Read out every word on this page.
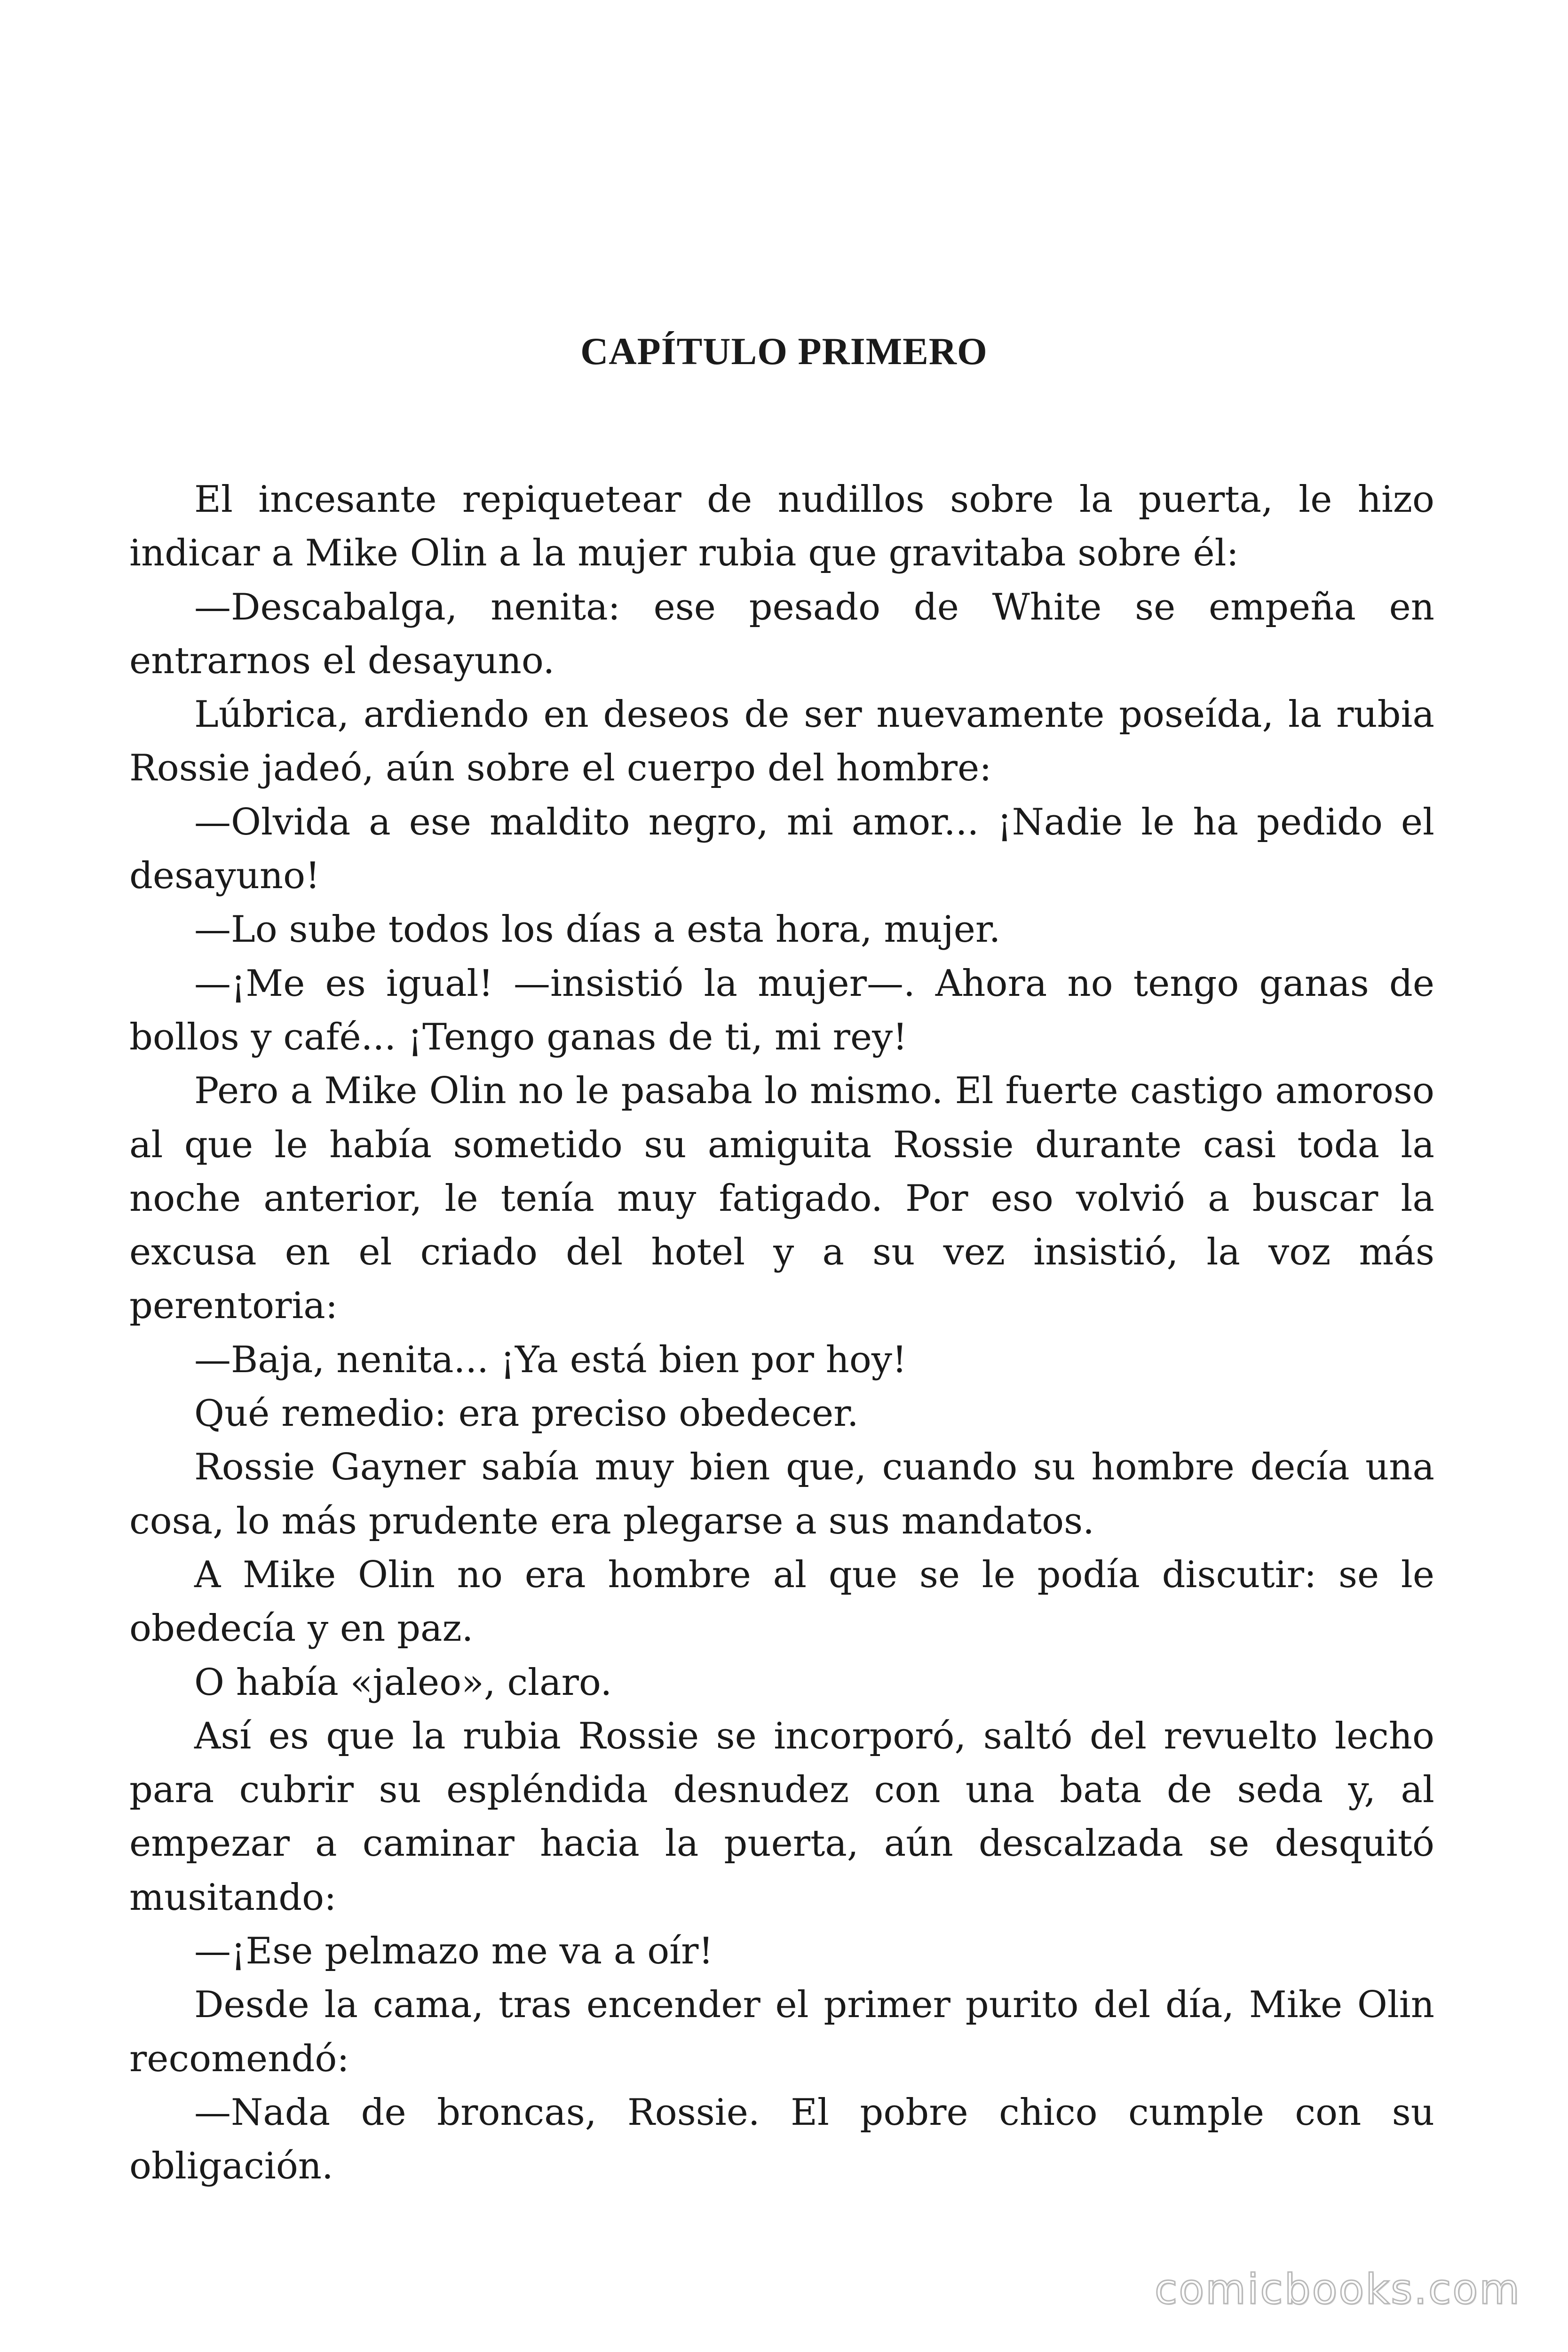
CAPÍTULO PRIMERO

El incesante repiquetear de nudillos sobre la puerta, le hizo indicar a Mike Olin a la mujer rubia que gravitaba sobre él:

—Descabalga, nenita: ese pesado de White se empeña en entrarnos el desayuno.

Lúbrica, ardiendo en deseos de ser nuevamente poseída, la rubia Rossie jadeó, aún sobre el cuerpo del hombre:

—Olvida a ese maldito negro, mi amor... ¡Nadie le ha pedido el desayuno!

—Lo sube todos los días a esta hora, mujer.

—¡Me es igual! —insistió la mujer—. Ahora no tengo ganas de bollos y café... ¡Tengo ganas de ti, mi rey!

Pero a Mike Olin no le pasaba lo mismo. El fuerte castigo amoroso al que le había sometido su amiguita Rossie durante casi toda la noche anterior, le tenía muy fatigado. Por eso volvió a buscar la excusa en el criado del hotel y a su vez insistió, la voz más perentoria:

—Baja, nenita... ¡Ya está bien por hoy!

Qué remedio: era preciso obedecer.

Rossie Gayner sabía muy bien que, cuando su hombre decía una cosa, lo más prudente era plegarse a sus mandatos.

A Mike Olin no era hombre al que se le podía discutir: se le obedecía y en paz.

O había «jaleo», claro.

Así es que la rubia Rossie se incorporó, saltó del revuelto lecho para cubrir su espléndida desnudez con una bata de seda y, al empezar a caminar hacia la puerta, aún descalzada se desquitó musitando:

—¡Ese pelmazo me va a oír!

Desde la cama, tras encender el primer purito del día, Mike Olin recomendó:

—Nada de broncas, Rossie. El pobre chico cumple con su obligación.

comicbooks.com
